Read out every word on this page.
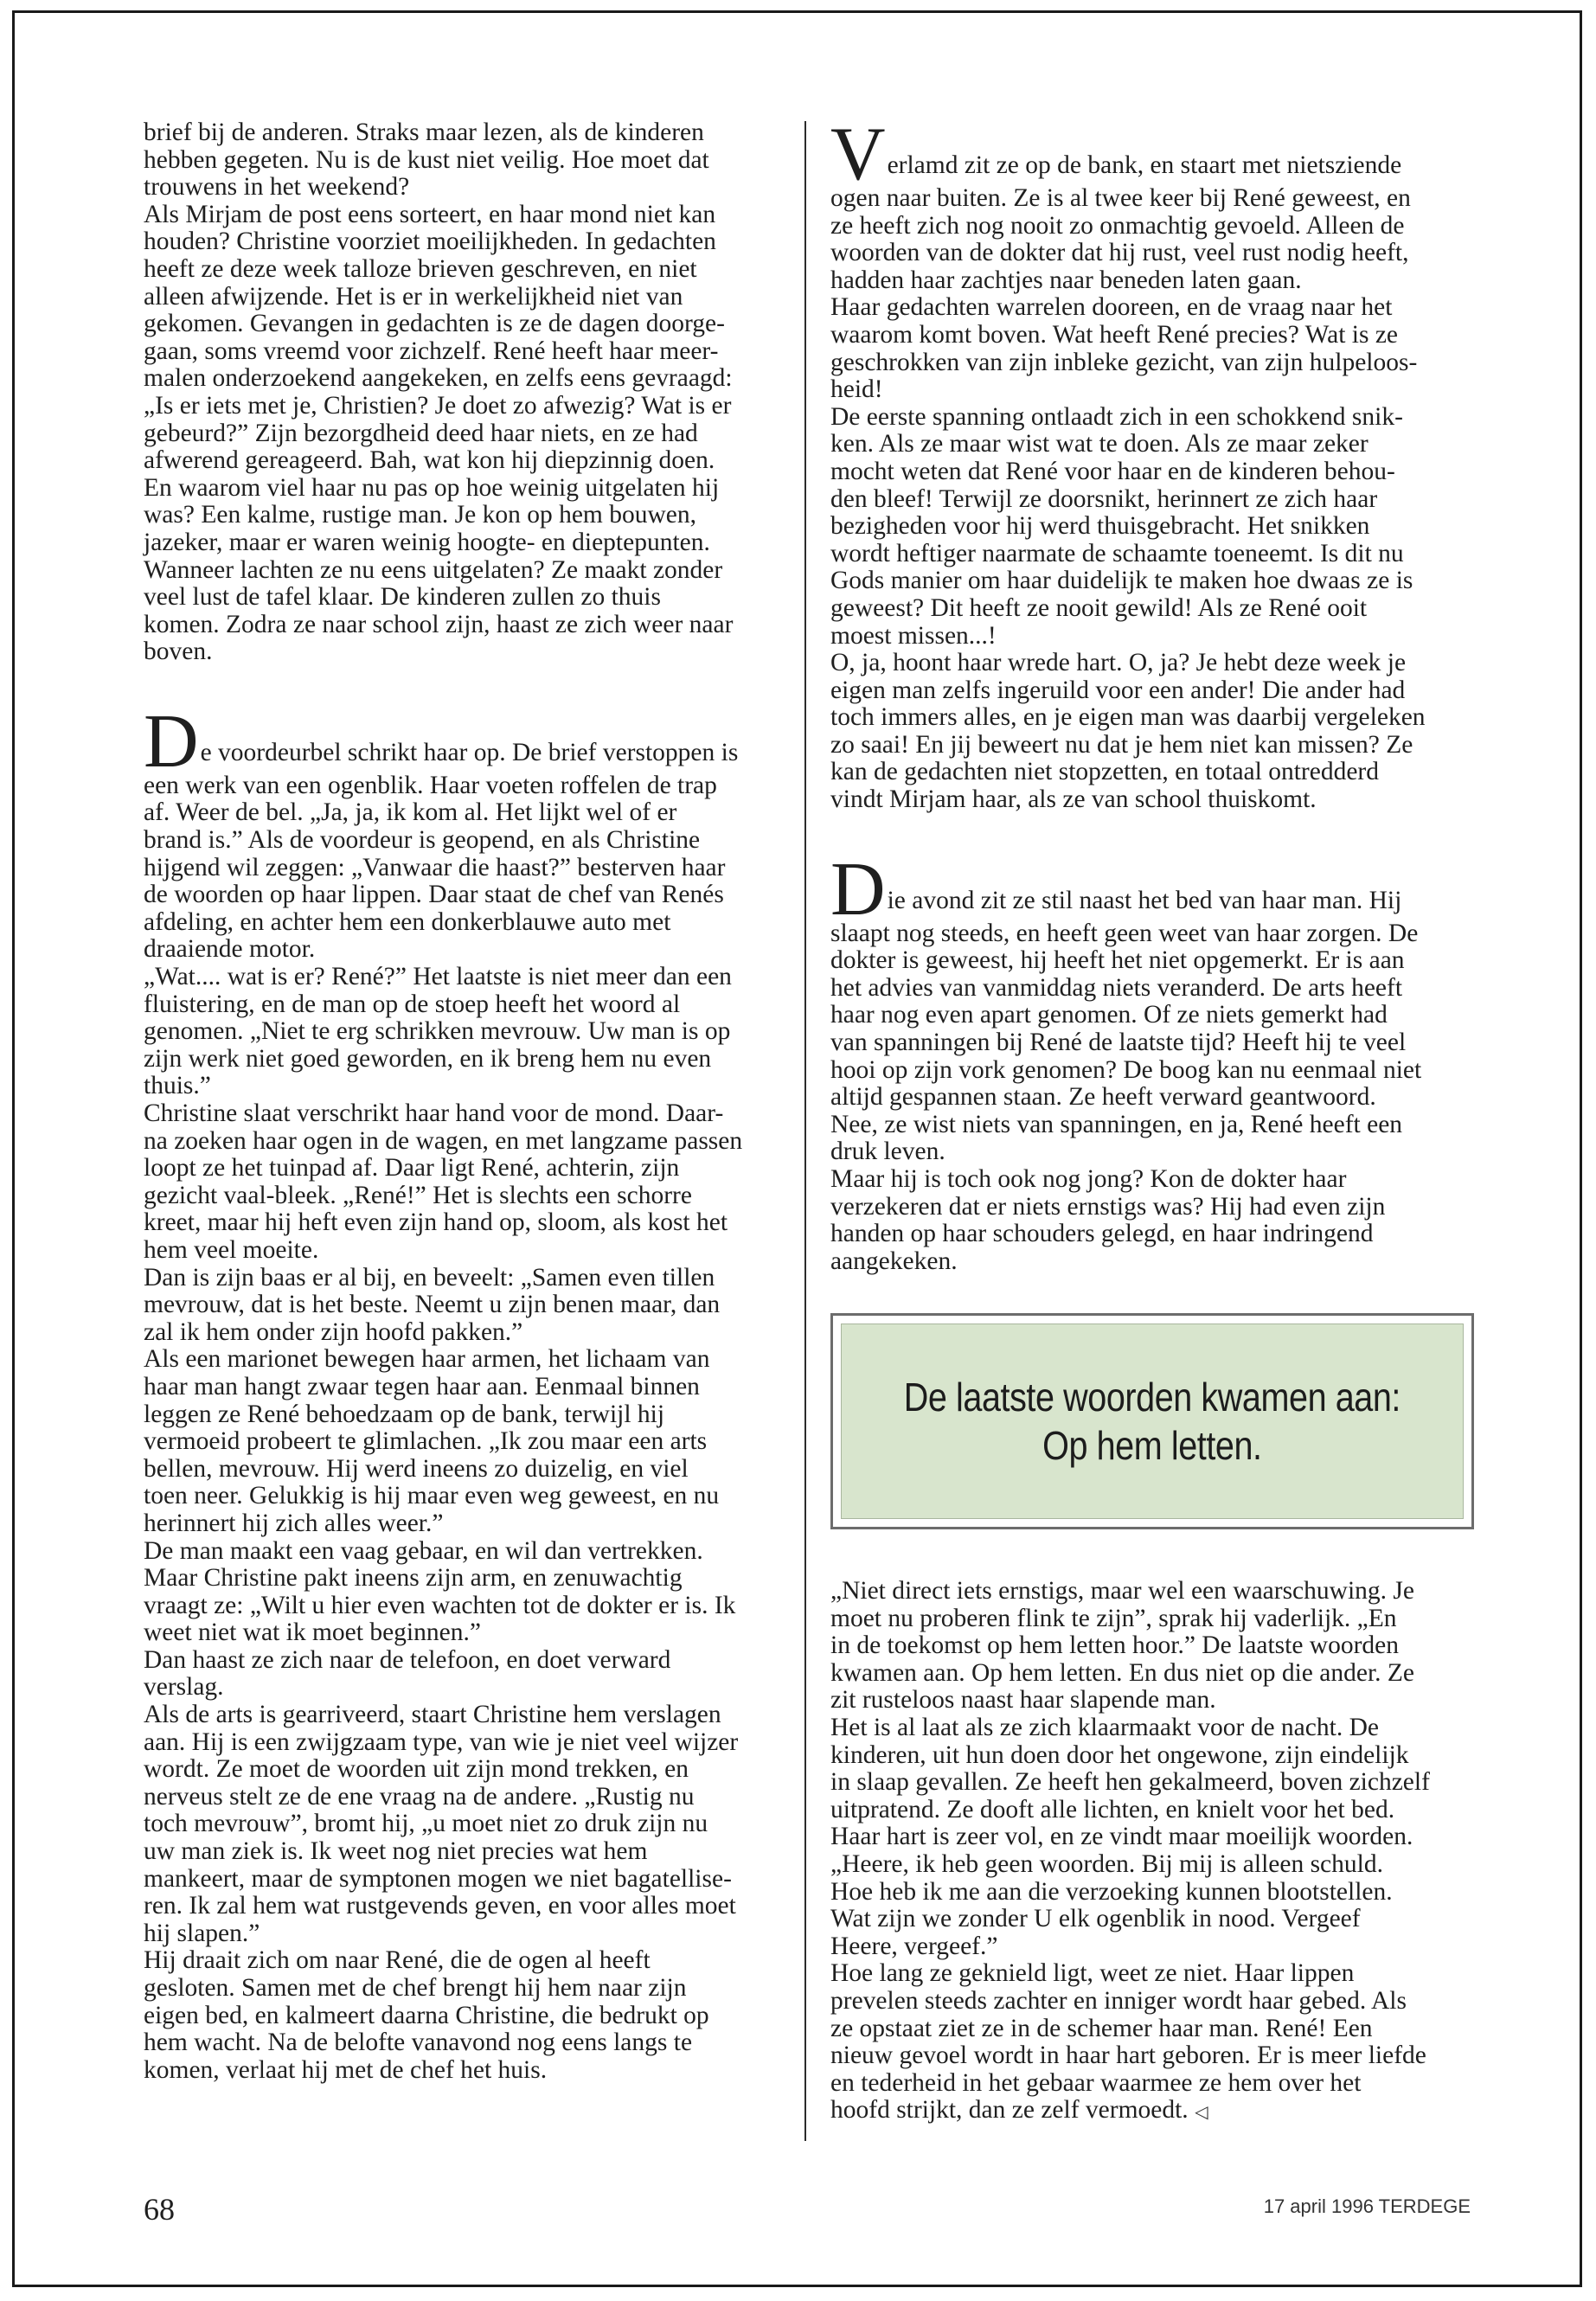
brief bij de anderen. Straks maar lezen, als de kinderen

hebben gegeten. Nu is de kust niet veilig. Hoe moet dat

trouwens in het weekend?

Als Mirjam de post eens sorteert, en haar mond niet kan

houden? Christine voorziet moeilijkheden. In gedachten

heeft ze deze week talloze brieven geschreven, en niet

alleen afwijzende. Het is er in werkelijkheid niet van

gekomen. Gevangen in gedachten is ze de dagen doorge-

gaan, soms vreemd voor zichzelf. René heeft haar meer-

malen onderzoekend aangekeken, en zelfs eens gevraagd:

„Is er iets met je, Christien? Je doet zo afwezig? Wat is er

gebeurd?” Zijn bezorgdheid deed haar niets, en ze had

afwerend gereageerd. Bah, wat kon hij diepzinnig doen.

En waarom viel haar nu pas op hoe weinig uitgelaten hij

was? Een kalme, rustige man. Je kon op hem bouwen,

jazeker, maar er waren weinig hoogte- en dieptepunten.

Wanneer lachten ze nu eens uitgelaten? Ze maakt zonder

veel lust de tafel klaar. De kinderen zullen zo thuis

komen. Zodra ze naar school zijn, haast ze zich weer naar

boven.

D e voordeurbel schrikt haar op. De brief verstoppen is

een werk van een ogenblik. Haar voeten roffelen de trap

af. Weer de bel. „Ja, ja, ik kom al. Het lijkt wel of er

brand is.” Als de voordeur is geopend, en als Christine

hijgend wil zeggen: „Vanwaar die haast?” besterven haar

de woorden op haar lippen. Daar staat de chef van Renés

afdeling, en achter hem een donkerblauwe auto met

draaiende motor.

„Wat.... wat is er? René?” Het laatste is niet meer dan een

fluistering, en de man op de stoep heeft het woord al

genomen. „Niet te erg schrikken mevrouw. Uw man is op

zijn werk niet goed geworden, en ik breng hem nu even

thuis.”

Christine slaat verschrikt haar hand voor de mond. Daar-

na zoeken haar ogen in de wagen, en met langzame passen

loopt ze het tuinpad af. Daar ligt René, achterin, zijn

gezicht vaal-bleek. „René!” Het is slechts een schorre

kreet, maar hij heft even zijn hand op, sloom, als kost het

hem veel moeite.

Dan is zijn baas er al bij, en beveelt: „Samen even tillen

mevrouw, dat is het beste. Neemt u zijn benen maar, dan

zal ik hem onder zijn hoofd pakken.”

Als een marionet bewegen haar armen, het lichaam van

haar man hangt zwaar tegen haar aan. Eenmaal binnen

leggen ze René behoedzaam op de bank, terwijl hij

vermoeid probeert te glimlachen. „Ik zou maar een arts

bellen, mevrouw. Hij werd ineens zo duizelig, en viel

toen neer. Gelukkig is hij maar even weg geweest, en nu

herinnert hij zich alles weer.”

De man maakt een vaag gebaar, en wil dan vertrekken.

Maar Christine pakt ineens zijn arm, en zenuwachtig

vraagt ze: „Wilt u hier even wachten tot de dokter er is. Ik

weet niet wat ik moet beginnen.”

Dan haast ze zich naar de telefoon, en doet verward

verslag.

Als de arts is gearriveerd, staart Christine hem verslagen

aan. Hij is een zwijgzaam type, van wie je niet veel wijzer

wordt. Ze moet de woorden uit zijn mond trekken, en

nerveus stelt ze de ene vraag na de andere. „Rustig nu

toch mevrouw”, bromt hij, „u moet niet zo druk zijn nu

uw man ziek is. Ik weet nog niet precies wat hem

mankeert, maar de symptonen mogen we niet bagatellise-

ren. Ik zal hem wat rustgevends geven, en voor alles moet

hij slapen.”

Hij draait zich om naar René, die de ogen al heeft

gesloten. Samen met de chef brengt hij hem naar zijn

eigen bed, en kalmeert daarna Christine, die bedrukt op

hem wacht. Na de belofte vanavond nog eens langs te

komen, verlaat hij met de chef het huis.

V erlamd zit ze op de bank, en staart met nietsziende

ogen naar buiten. Ze is al twee keer bij René geweest, en

ze heeft zich nog nooit zo onmachtig gevoeld. Alleen de

woorden van de dokter dat hij rust, veel rust nodig heeft,

hadden haar zachtjes naar beneden laten gaan.

Haar gedachten warrelen dooreen, en de vraag naar het

waarom komt boven. Wat heeft René precies? Wat is ze

geschrokken van zijn inbleke gezicht, van zijn hulpeloos-

heid!

De eerste spanning ontlaadt zich in een schokkend snik-

ken. Als ze maar wist wat te doen. Als ze maar zeker

mocht weten dat René voor haar en de kinderen behou-

den bleef! Terwijl ze doorsnikt, herinnert ze zich haar

bezigheden voor hij werd thuisgebracht. Het snikken

wordt heftiger naarmate de schaamte toeneemt. Is dit nu

Gods manier om haar duidelijk te maken hoe dwaas ze is

geweest? Dit heeft ze nooit gewild! Als ze René ooit

moest missen...!

O, ja, hoont haar wrede hart. O, ja? Je hebt deze week je

eigen man zelfs ingeruild voor een ander! Die ander had

toch immers alles, en je eigen man was daarbij vergeleken

zo saai! En jij beweert nu dat je hem niet kan missen? Ze

kan de gedachten niet stopzetten, en totaal ontredderd

vindt Mirjam haar, als ze van school thuiskomt.

D ie avond zit ze stil naast het bed van haar man. Hij

slaapt nog steeds, en heeft geen weet van haar zorgen. De

dokter is geweest, hij heeft het niet opgemerkt. Er is aan

het advies van vanmiddag niets veranderd. De arts heeft

haar nog even apart genomen. Of ze niets gemerkt had

van spanningen bij René de laatste tijd? Heeft hij te veel

hooi op zijn vork genomen? De boog kan nu eenmaal niet

altijd gespannen staan. Ze heeft verward geantwoord.

Nee, ze wist niets van spanningen, en ja, René heeft een

druk leven.

Maar hij is toch ook nog jong? Kon de dokter haar

verzekeren dat er niets ernstigs was? Hij had even zijn

handen op haar schouders gelegd, en haar indringend

aangekeken.

„Niet direct iets ernstigs, maar wel een waarschuwing. Je

moet nu proberen flink te zijn”, sprak hij vaderlijk. „En

in de toekomst op hem letten hoor.” De laatste woorden

kwamen aan. Op hem letten. En dus niet op die ander. Ze

zit rusteloos naast haar slapende man.

Het is al laat als ze zich klaarmaakt voor de nacht. De

kinderen, uit hun doen door het ongewone, zijn eindelijk

in slaap gevallen. Ze heeft hen gekalmeerd, boven zichzelf

uitpratend. Ze dooft alle lichten, en knielt voor het bed.

Haar hart is zeer vol, en ze vindt maar moeilijk woorden.

„Heere, ik heb geen woorden. Bij mij is alleen schuld.

Hoe heb ik me aan die verzoeking kunnen blootstellen.

Wat zijn we zonder U elk ogenblik in nood. Vergeef

Heere, vergeef.”

Hoe lang ze geknield ligt, weet ze niet. Haar lippen

prevelen steeds zachter en inniger wordt haar gebed. Als

ze opstaat ziet ze in de schemer haar man. René! Een

nieuw gevoel wordt in haar hart geboren. Er is meer liefde

en tederheid in het gebaar waarmee ze hem over het

hoofd strijkt, dan ze zelf vermoedt. ◁

De laatste woorden kwamen aan:
Op hem letten.
68	17 april 1996 TERDEGE
